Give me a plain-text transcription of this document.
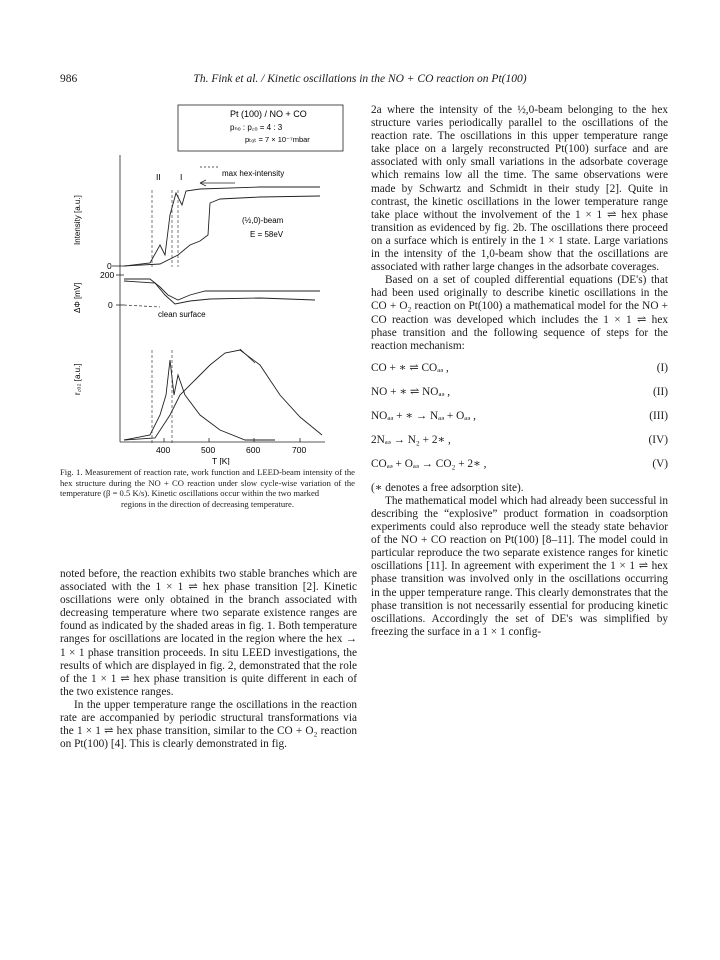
986	Th. Fink et al. / Kinetic oscillations in the NO + CO reaction on Pt(100)
Pt (100) / NO + CO
pₙₒ : p꜀ₒ = 4 : 3
pₜₒₜ = 7 × 10⁻⁷mbar
Intensity [a.u.]
0
max hex-intensity
II I
(½,0)-beam
E = 58eV
ΔΦ [mV]
200
0
clean surface
r꜀ₒ₂ [a.u.]
400	500	600	700
T [K]
Fig. 1. Measurement of reaction rate, work function and LEED-beam intensity of the hex structure during the NO + CO reaction under slow cycle-wise variation of the temperature (β = 0.5 K/s). Kinetic oscillations occur within the two marked
regions in the direction of decreasing temperature.

noted before, the reaction exhibits two stable branches which are associated with the 1 × 1 ⇌ hex phase transition [2]. Kinetic oscillations were only obtained in the branch associated with decreasing temperature where two separate existence ranges are found as indicated by the shaded areas in fig. 1. Both temperature ranges for oscillations are located in the region where the hex → 1 × 1 phase transition proceeds. In situ LEED investigations, the results of which are displayed in fig. 2, demonstrated that the role of the 1 × 1 ⇌ hex phase transition is quite different in each of the two existence ranges.

In the upper temperature range the oscillations in the reaction rate are accompanied by periodic structural transformations via the 1 × 1 ⇌ hex phase transition, similar to the CO + O₂ reaction on Pt(100) [4]. This is clearly demonstrated in fig.

2a where the intensity of the ½,0-beam belonging to the hex structure varies periodically parallel to the oscillations of the reaction rate. The oscillations in this upper temperature range take place on a largely reconstructed Pt(100) surface and are associated with only small variations in the adsorbate coverage which remains low all the time. The same observations were made by Schwartz and Schmidt in their study [2]. Quite in contrast, the kinetic oscillations in the lower temperature range take place without the involvement of the 1 × 1 ⇌ hex phase transition as evidenced by fig. 2b. The oscillations there proceed on a surface which is entirely in the 1 × 1 state. Large variations in the intensity of the 1,0-beam show that the oscillations are associated with rather large changes in the adsorbate coverages.

Based on a set of coupled differential equations (DE's) that had been used originally to describe kinetic oscillations in the CO + O₂ reaction on Pt(100) a mathematical model for the NO + CO reaction was developed which includes the 1 × 1 ⇌ hex phase transition and the following sequence of steps for the reaction mechanism:

CO + ∗ ⇌ COₐₔ ,	(I)
NO + ∗ ⇌ NOₐₔ ,	(II)
NOₐₔ + ∗ → Nₐₔ + Oₐₔ ,	(III)
2Nₐₔ → N₂ + 2∗ ,	(IV)
COₐₔ + Oₐₔ → CO₂ + 2∗ ,	(V)

(∗ denotes a free adsorption site).

The mathematical model which had already been successful in describing the “explosive” product formation in coadsorption experiments could also reproduce well the steady state behavior of the NO + CO reaction on Pt(100) [8–11]. The model could in particular reproduce the two separate existence ranges for kinetic oscillations [11]. In agreement with experiment the 1 × 1 ⇌ hex phase transition was involved only in the oscillations occurring in the upper temperature range. This clearly demonstrates that the phase transition is not necessarily essential for producing kinetic oscillations. Accordingly the set of DE's was simplified by freezing the surface in a 1 × 1 config-
